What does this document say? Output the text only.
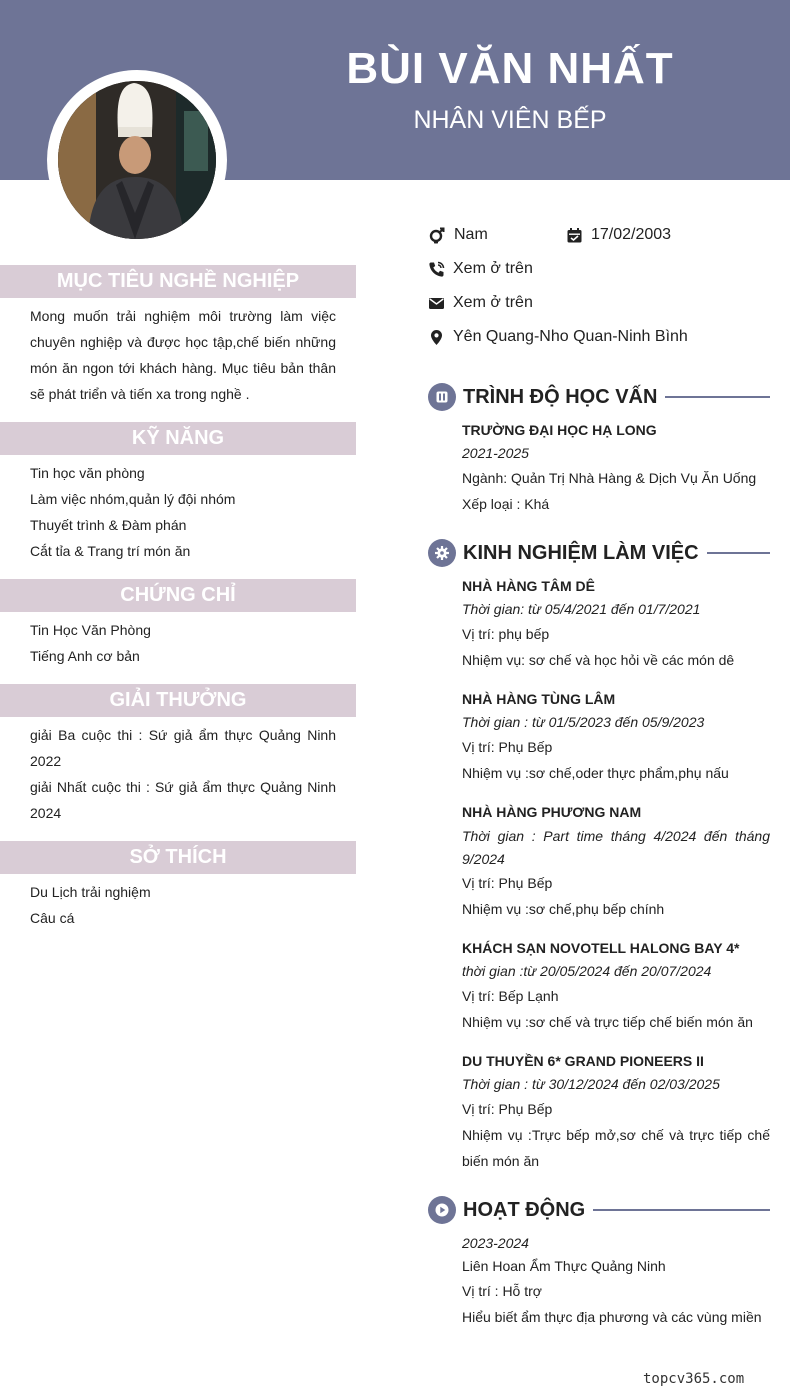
BÙI VĂN NHẤT
NHÂN VIÊN BẾP
MỤC TIÊU NGHỀ NGHIỆP
Mong muốn trải nghiệm môi trường làm việc chuyên nghiệp và được học tập,chế biến những món ăn ngon tới khách hàng. Mục tiêu bản thân sẽ phát triển và tiến xa trong nghề .
KỸ NĂNG
Tin học văn phòng
Làm việc nhóm,quản lý đội nhóm
Thuyết trình & Đàm phán
Cắt tỉa & Trang trí món ăn
CHỨNG CHỈ
Tin Học Văn Phòng
Tiếng Anh cơ bản
GIẢI THƯỞNG
giải Ba cuộc thi : Sứ giả ẩm thực Quảng Ninh 2022
giải Nhất cuộc thi : Sứ giả ẩm thực Quảng Ninh 2024
SỞ THÍCH
Du Lịch trải nghiệm
Câu cá
Nam	17/02/2003
Xem ở trên
Xem ở trên
Yên Quang-Nho Quan-Ninh Bình
TRÌNH ĐỘ HỌC VẤN
TRƯỜNG ĐẠI HỌC HẠ LONG
2021-2025
Ngành: Quản Trị Nhà Hàng & Dịch Vụ Ăn Uống
Xếp loại : Khá
KINH NGHIỆM LÀM VIỆC
NHÀ HÀNG TÂM DÊ
Thời gian: từ 05/4/2021 đến 01/7/2021
Vị trí: phụ bếp
Nhiệm vụ: sơ chế và học hỏi về các món dê
NHÀ HÀNG TÙNG LÂM
Thời gian : từ 01/5/2023 đến 05/9/2023
Vị trí: Phụ Bếp
Nhiệm vụ :sơ chế,oder thực phẩm,phụ nấu
NHÀ HÀNG PHƯƠNG NAM
Thời gian : Part time tháng 4/2024 đến tháng 9/2024
Vị trí: Phụ Bếp
Nhiệm vụ :sơ chế,phụ bếp chính
KHÁCH SẠN NOVOTELL HALONG BAY 4*
thời gian :từ 20/05/2024 đến 20/07/2024
Vị trí: Bếp Lạnh
Nhiệm vụ :sơ chế và trực tiếp chế biến món ăn
DU THUYỀN 6* GRAND PIONEERS II
Thời gian : từ 30/12/2024 đến 02/03/2025
Vị trí: Phụ Bếp
Nhiệm vụ :Trực bếp mở,sơ chế và trực tiếp chế biến món ăn
HOẠT ĐỘNG
2023-2024
Liên Hoan Ẩm Thực Quảng Ninh
Vị trí : Hỗ trợ
Hiểu biết ẩm thực địa phương và các vùng miền
topcv365.com
